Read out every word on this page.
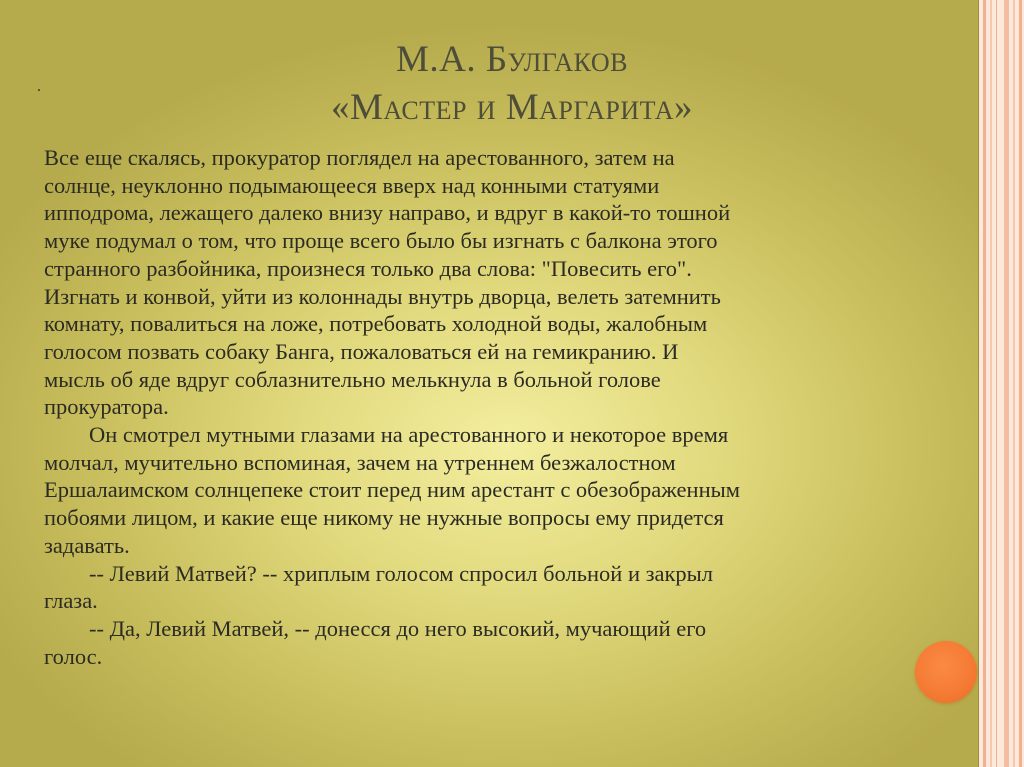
.
М.А. Булгаков
«Мастер и Маргарита»

Все еще скалясь, прокуратор поглядел на арестованного, затем на

солнце, неуклонно подымающееся вверх над конными статуями

ипподрома, лежащего далеко внизу направо, и вдруг в какой-то тошной

муке подумал о том, что проще всего было бы изгнать с балкона этого

странного разбойника, произнеся только два слова: "Повесить его".

Изгнать и конвой, уйти из колоннады внутрь дворца, велеть затемнить

комнату, повалиться на ложе, потребовать холодной воды, жалобным

голосом позвать собаку Банга, пожаловаться ей на гемикранию. И

мысль об яде вдруг соблазнительно мелькнула в больной голове

прокуратора.

Он смотрел мутными глазами на арестованного и некоторое время

молчал, мучительно вспоминая, зачем на утреннем безжалостном

Ершалаимском солнцепеке стоит перед ним арестант с обезображенным

побоями лицом, и какие еще никому не нужные вопросы ему придется

задавать.

-- Левий Матвей? -- хриплым голосом спросил больной и закрыл

глаза.

-- Да, Левий Матвей, -- донесся до него высокий, мучающий его

голос.
